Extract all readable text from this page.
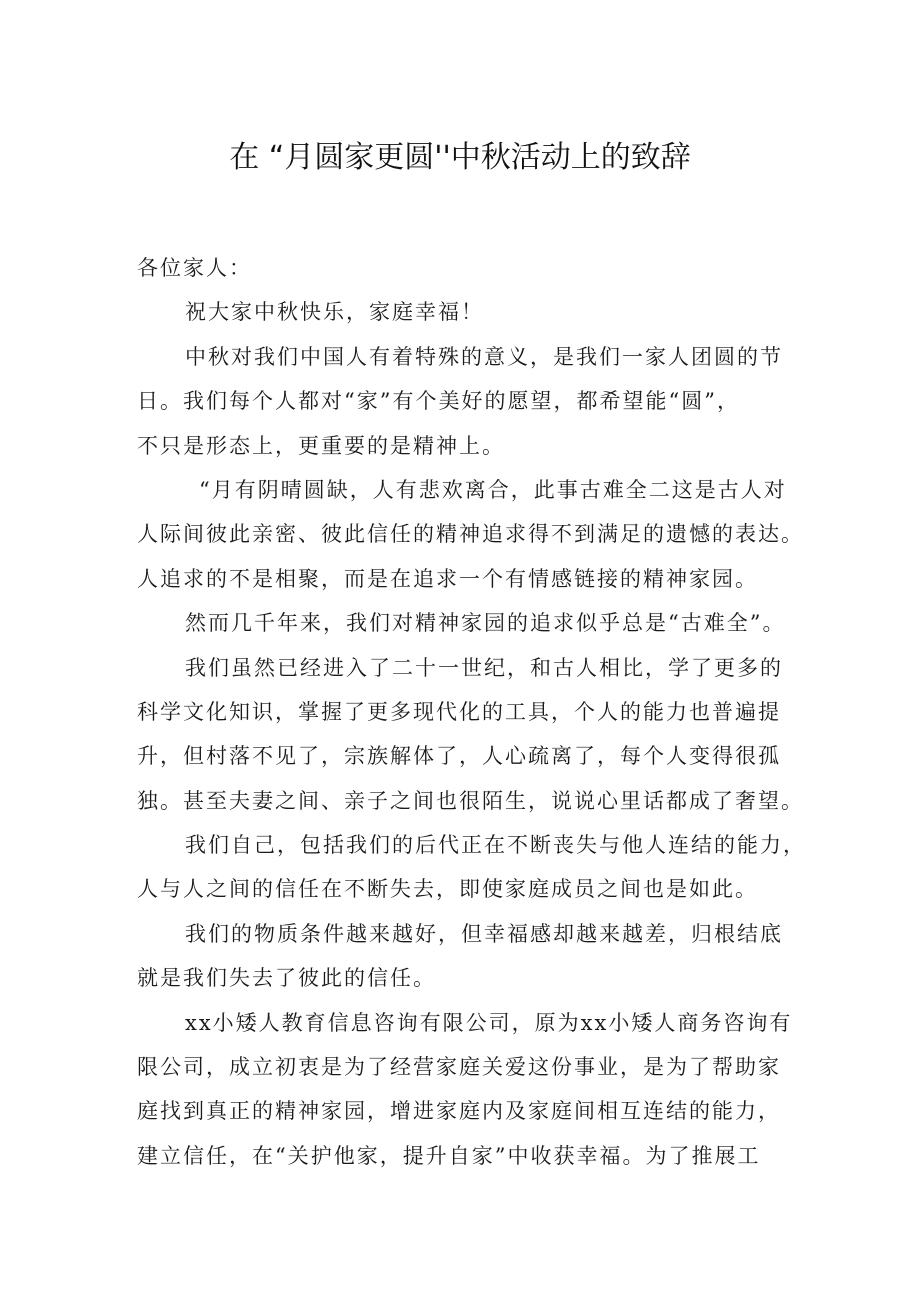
在 “月圆家更圆''中秋活动上的致辞
各位家人：
祝大家中秋快乐，家庭幸福！
中秋对我们中国人有着特殊的意义，是我们一家人团圆的节
日。我们每个人都对“家”有个美好的愿望，都希望能“圆”，
不只是形态上，更重要的是精神上。
“月有阴晴圆缺，人有悲欢离合，此事古难全二这是古人对
人际间彼此亲密、彼此信任的精神追求得不到满足的遗憾的表达。
人追求的不是相聚，而是在追求一个有情感链接的精神家园。
然而几千年来，我们对精神家园的追求似乎总是“古难全”。
我们虽然已经进入了二十一世纪，和古人相比，学了更多的
科学文化知识，掌握了更多现代化的工具，个人的能力也普遍提
升，但村落不见了，宗族解体了，人心疏离了，每个人变得很孤
独。甚至夫妻之间、亲子之间也很陌生，说说心里话都成了奢望。
我们自己，包括我们的后代正在不断丧失与他人连结的能力，
人与人之间的信任在不断失去，即使家庭成员之间也是如此。
我们的物质条件越来越好，但幸福感却越来越差，归根结底
就是我们失去了彼此的信任。
xx小矮人教育信息咨询有限公司，原为xx小矮人商务咨询有
限公司，成立初衷是为了经营家庭关爱这份事业，是为了帮助家
庭找到真正的精神家园，增进家庭内及家庭间相互连结的能力，
建立信任，在“关护他家，提升自家”中收获幸福。为了推展工
